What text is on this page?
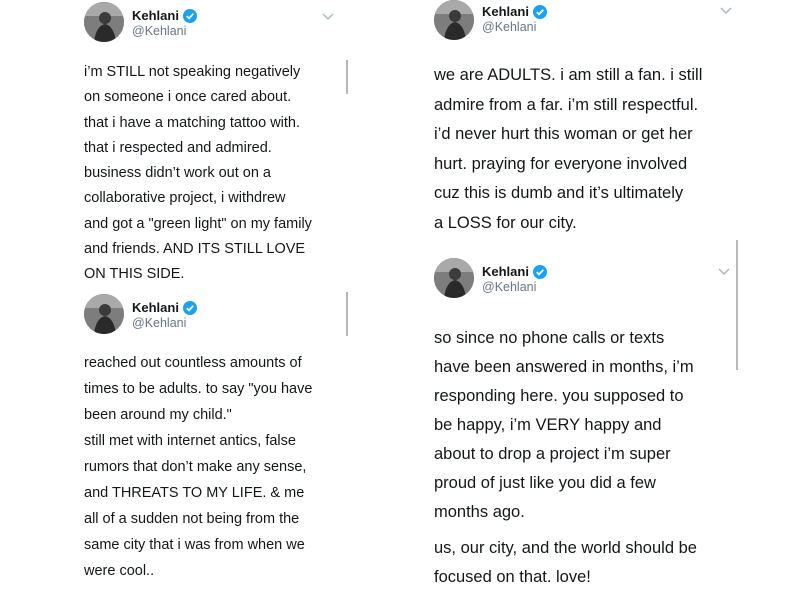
Kehlani
@Kehlani
i’m STILL not speaking negatively
on someone i once cared about.
that i have a matching tattoo with.
that i respected and admired.
business didn’t work out on a
collaborative project, i withdrew
and got a "green light" on my family
and friends. AND ITS STILL LOVE
ON THIS SIDE.
Kehlani
@Kehlani
reached out countless amounts of
times to be adults. to say "you have
been around my child."
still met with internet antics, false
rumors that don’t make any sense,
and THREATS TO MY LIFE. & me
all of a sudden not being from the
same city that i was from when we
were cool..
Kehlani
@Kehlani
we are ADULTS. i am still a fan. i still
admire from a far. i’m still respectful.
i’d never hurt this woman or get her
hurt. praying for everyone involved
cuz this is dumb and it’s ultimately
a LOSS for our city.
Kehlani
@Kehlani
so since no phone calls or texts
have been answered in months, i’m
responding here. you supposed to
be happy, i’m VERY happy and
about to drop a project i’m super
proud of just like you did a few
months ago.
us, our city, and the world should be
focused on that. love!
